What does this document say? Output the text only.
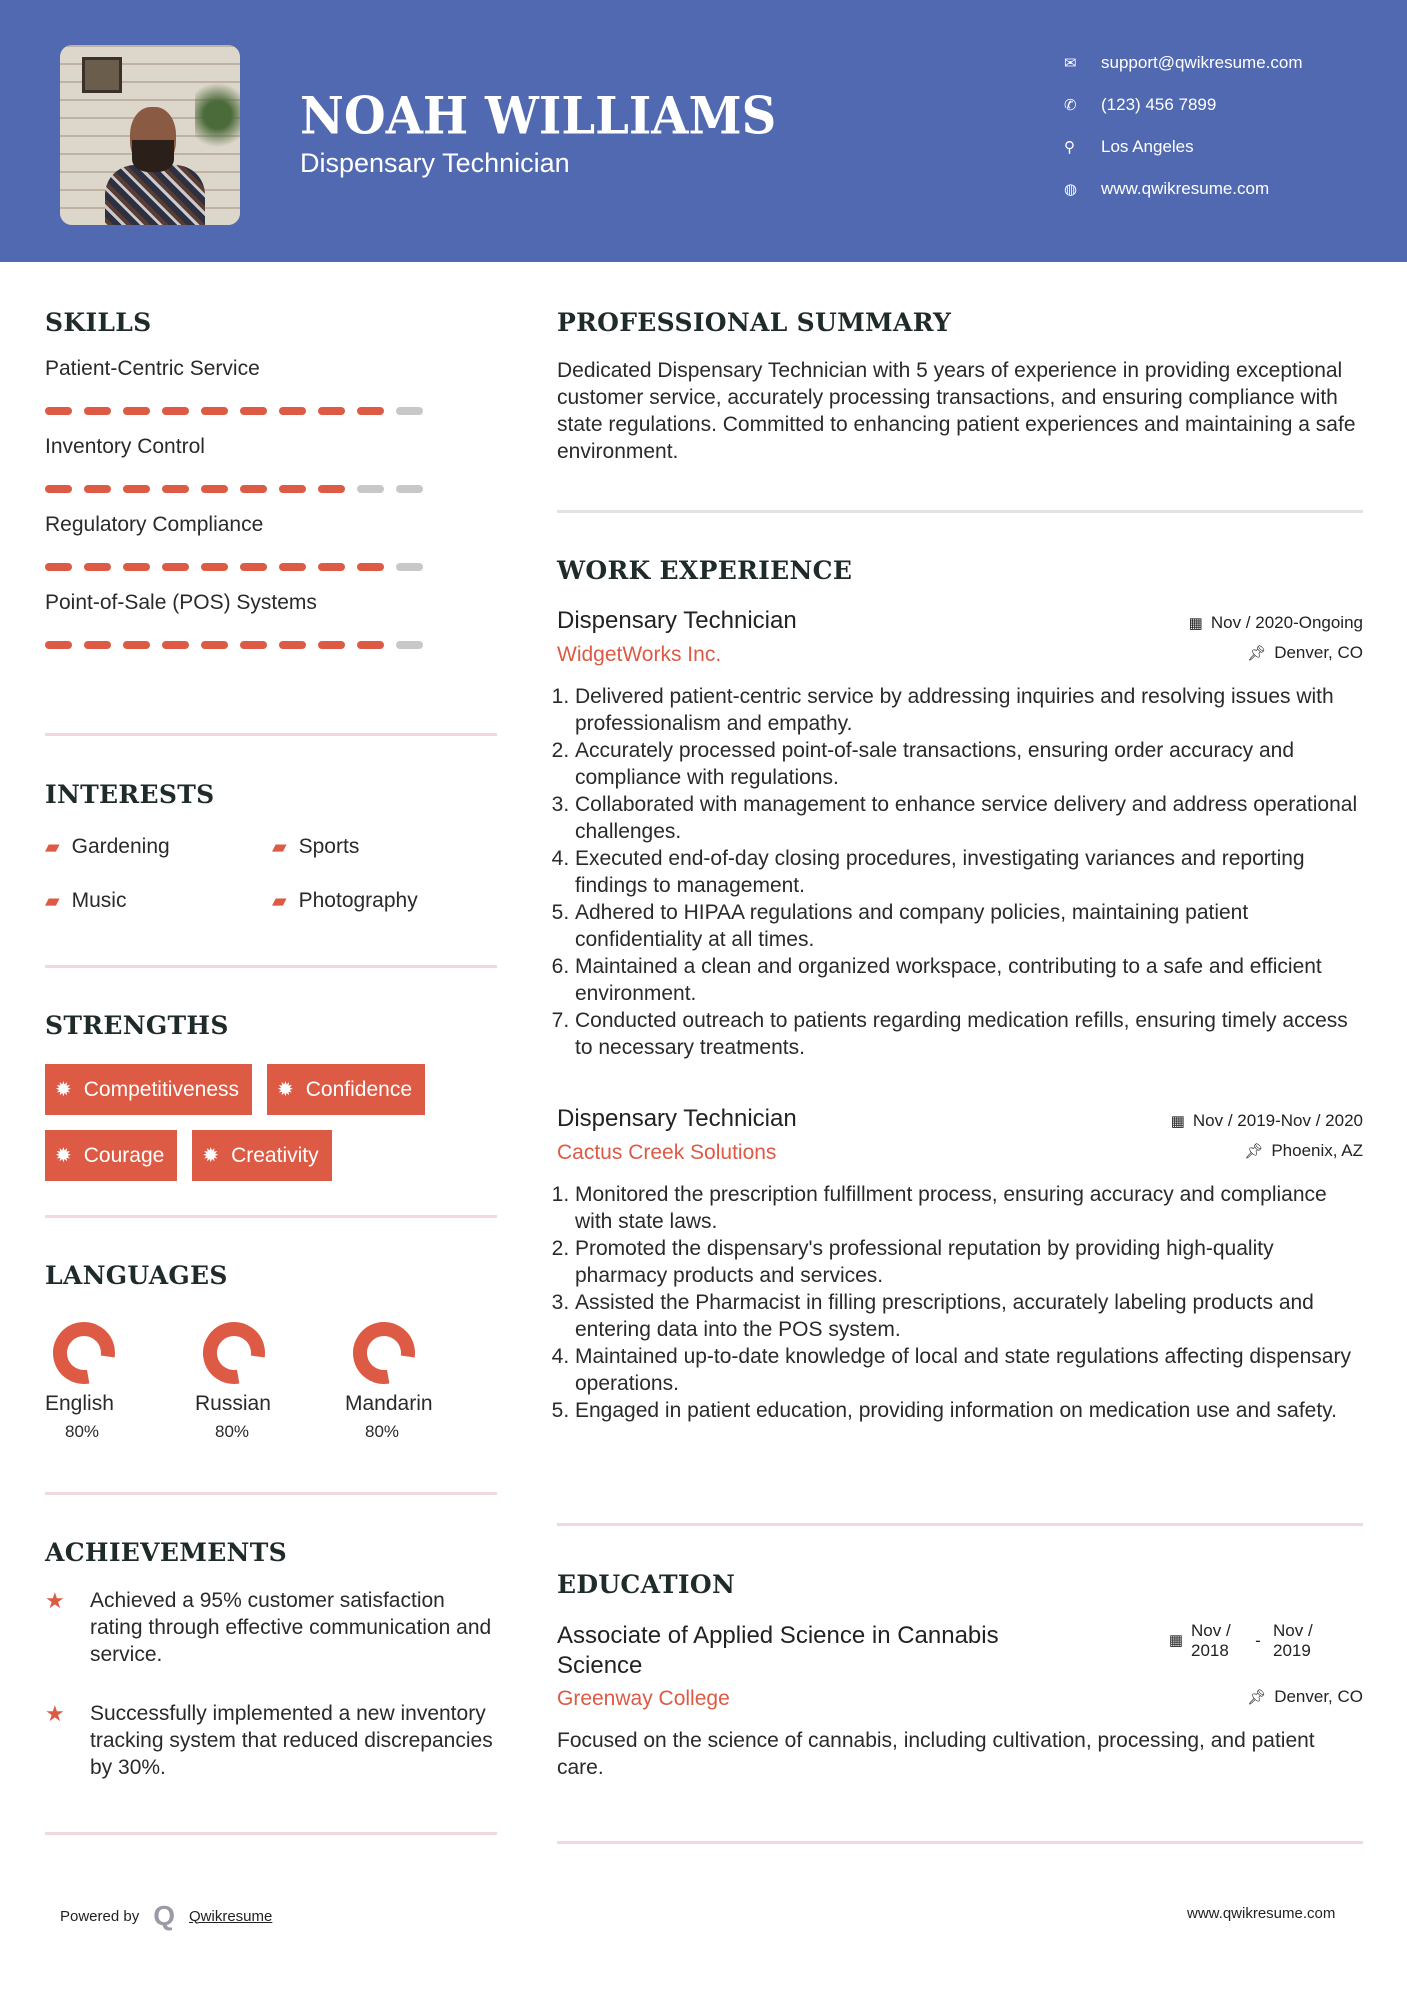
NOAH WILLIAMS
Dispensary Technician
✉	support@qwikresume.com
✆	(123) 456 7899
⚲	Los Angeles
◍	www.qwikresume.com
SKILLS
Patient-Centric Service
Inventory Control
Regulatory Compliance
Point-of-Sale (POS) Systems
INTERESTS
▰ Gardening	▰ Sports
▰ Music	▰ Photography
STRENGTHS
✹ Competitiveness ✹ Confidence
✹ Courage ✹ Creativity
LANGUAGES
English
80%
Russian
80%
Mandarin
80%
ACHIEVEMENTS
★	Achieved a 95% customer satisfaction rating through effective communication and service.
★	Successfully implemented a new inventory tracking system that reduced discrepancies by 30%.
PROFESSIONAL SUMMARY

Dedicated Dispensary Technician with 5 years of experience in providing exceptional customer service, accurately processing transactions, and ensuring compliance with state regulations. Committed to enhancing patient experiences and maintaining a safe environment.

WORK EXPERIENCE
Dispensary Technician	▦ Nov / 2020-Ongoing
WidgetWorks Inc.	📌︎ Denver, CO
1. Delivered patient-centric service by addressing inquiries and resolving issues with professionalism and empathy.
2. Accurately processed point-of-sale transactions, ensuring order accuracy and compliance with regulations.
3. Collaborated with management to enhance service delivery and address operational challenges.
4. Executed end-of-day closing procedures, investigating variances and reporting findings to management.
5. Adhered to HIPAA regulations and company policies, maintaining patient confidentiality at all times.
6. Maintained a clean and organized workspace, contributing to a safe and efficient environment.
7. Conducted outreach to patients regarding medication refills, ensuring timely access to necessary treatments.
Dispensary Technician	▦ Nov / 2019-Nov / 2020
Cactus Creek Solutions	📌︎ Phoenix, AZ
1. Monitored the prescription fulfillment process, ensuring accuracy and compliance with state laws.
2. Promoted the dispensary's professional reputation by providing high-quality pharmacy products and services.
3. Assisted the Pharmacist in filling prescriptions, accurately labeling products and entering data into the POS system.
4. Maintained up-to-date knowledge of local and state regulations affecting dispensary operations.
5. Engaged in patient education, providing information on medication use and safety.
EDUCATION
Associate of Applied Science in Cannabis Science
▦
Nov / 2018
-
Nov / 2019
Greenway College	📌︎ Denver, CO

Focused on the science of cannabis, including cultivation, processing, and patient care.

Powered by Q Qwikresume	www.qwikresume.com
